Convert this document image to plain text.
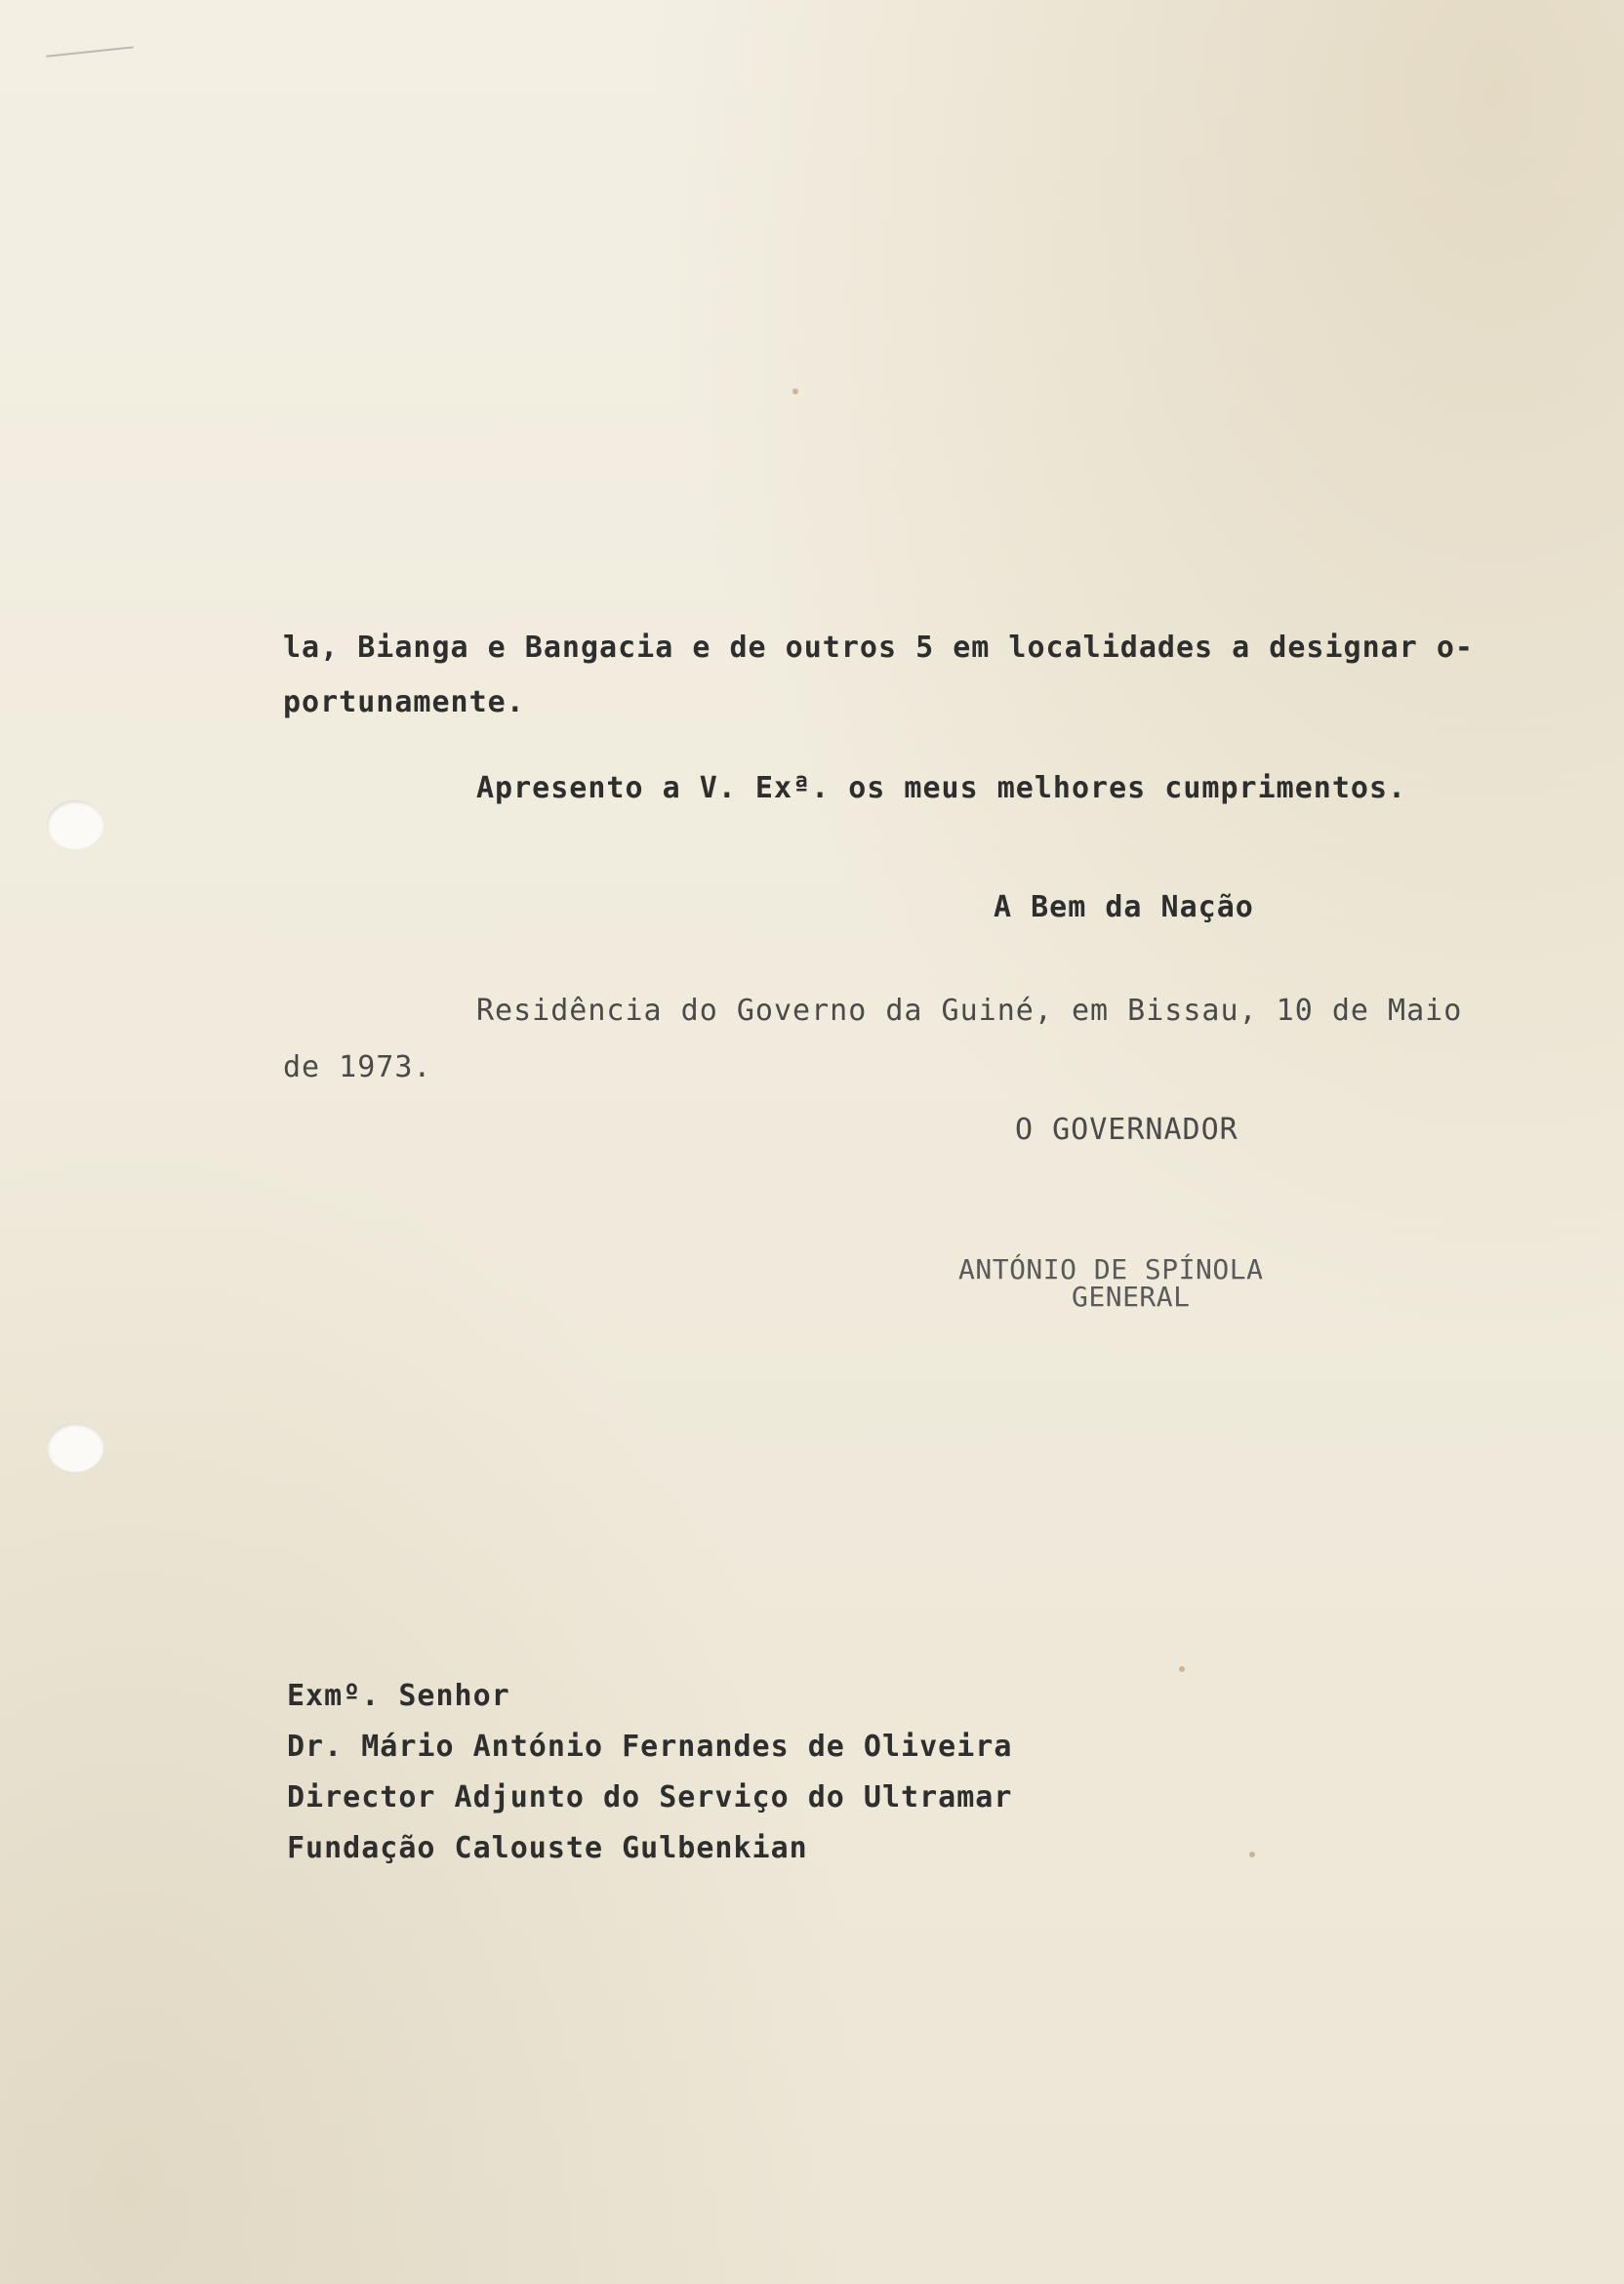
la, Bianga e Bangacia e de outros 5 em localidades a designar o-
portunamente.
Apresento a V. Exª. os meus melhores cumprimentos.
A Bem da Nação
Residência do Governo da Guiné, em Bissau, 10 de Maio
de 1973.
O GOVERNADOR
ANTÓNIO DE SPÍNOLA
GENERAL
Exmº. Senhor
Dr. Mário António Fernandes de Oliveira
Director Adjunto do Serviço do Ultramar
Fundação Calouste Gulbenkian
